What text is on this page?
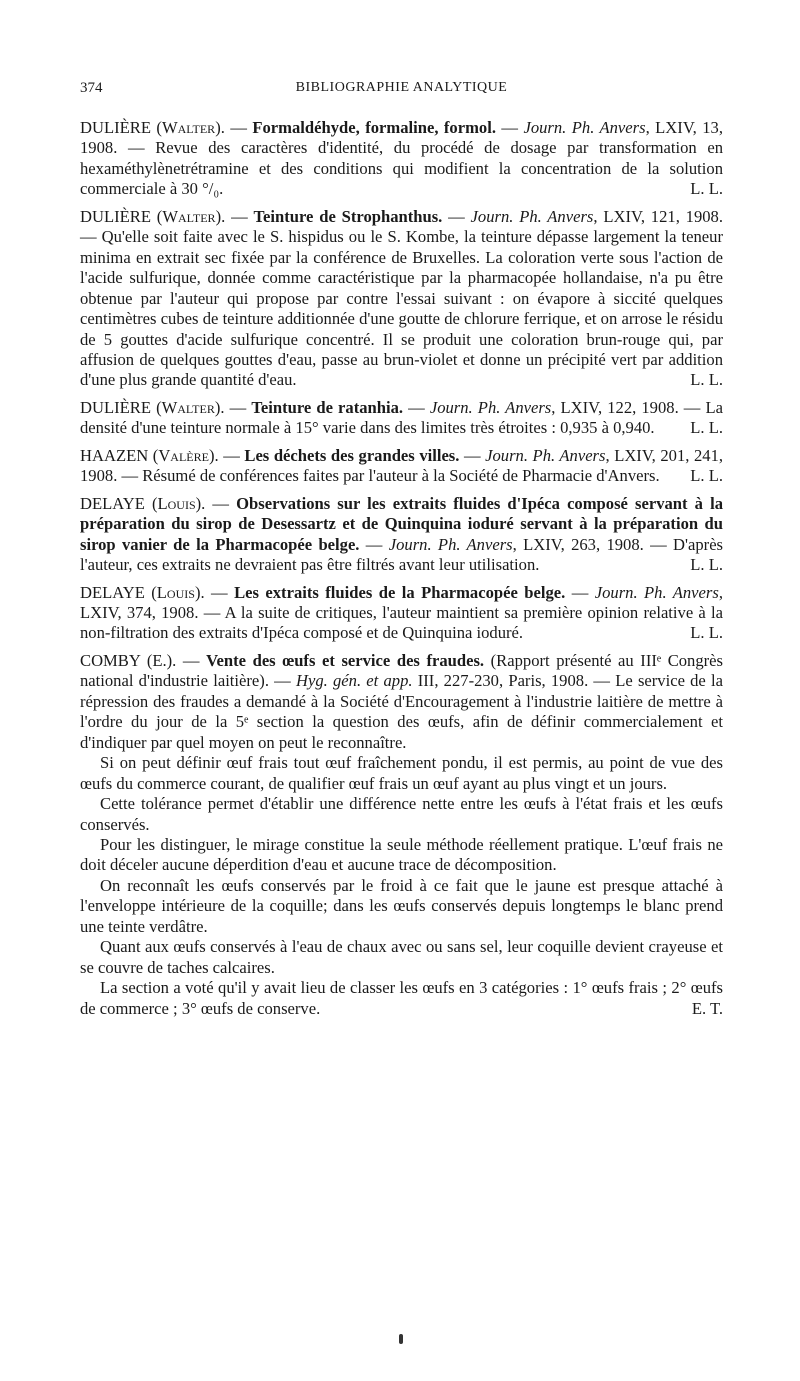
374	BIBLIOGRAPHIE ANALYTIQUE

DULIÈRE (Walter). — Formaldéhyde, formaline, formol. — Journ. Ph. Anvers, LXIV, 13, 1908. — Revue des caractères d'identité, du procédé de dosage par transformation en hexaméthylènetrétramine et des conditions qui modifient la concentration de la solution commerciale à 30 °/₀.	L. L.

DULIÈRE (Walter). — Teinture de Strophanthus. — Journ. Ph. Anvers, LXIV, 121, 1908. — Qu'elle soit faite avec le S. hispidus ou le S. Kombe, la teinture dépasse largement la teneur minima en extrait sec fixée par la conférence de Bruxelles. La coloration verte sous l'action de l'acide sulfurique, donnée comme caractéristique par la pharmacopée hollandaise, n'a pu être obtenue par l'auteur qui propose par contre l'essai suivant : on évapore à siccité quelques centimètres cubes de teinture additionnée d'une goutte de chlorure ferrique, et on arrose le résidu de 5 gouttes d'acide sulfurique concentré. Il se produit une coloration brun-rouge qui, par affusion de quelques gouttes d'eau, passe au brun-violet et donne un précipité vert par addition d'une plus grande quantité d'eau.	L. L.

DULIÈRE (Walter). — Teinture de ratanhia. — Journ. Ph. Anvers, LXIV, 122, 1908. — La densité d'une teinture normale à 15° varie dans des limites très étroites : 0,935 à 0,940. L. L.

HAAZEN (Valère). — Les déchets des grandes villes. — Journ. Ph. Anvers, LXIV, 201, 241, 1908. — Résumé de conférences faites par l'auteur à la Société de Pharmacie d'Anvers. L. L.

DELAYE (Louis). — Observations sur les extraits fluides d'Ipéca composé servant à la préparation du sirop de Desessartz et de Quinquina ioduré servant à la préparation du sirop vanier de la Pharmacopée belge. — Journ. Ph. Anvers, LXIV, 263, 1908. — D'après l'auteur, ces extraits ne devraient pas être filtrés avant leur utilisation.	L. L.

DELAYE (Louis). — Les extraits fluides de la Pharmacopée belge. — Journ. Ph. Anvers, LXIV, 374, 1908. — A la suite de critiques, l'auteur maintient sa première opinion relative à la non-filtration des extraits d'Ipéca composé et de Quinquina ioduré.	L. L.

COMBY (E.). — Vente des œufs et service des fraudes. (Rapport présenté au IIIᵉ Congrès national d'industrie laitière). — Hyg. gén. et app. III, 227-230, Paris, 1908. — Le service de la répression des fraudes a demandé à la Société d'Encouragement à l'industrie laitière de mettre à l'ordre du jour de la 5ᵉ section la question des œufs, afin de définir commercialement et d'indiquer par quel moyen on peut le reconnaître.

Si on peut définir œuf frais tout œuf fraîchement pondu, il est permis, au point de vue des œufs du commerce courant, de qualifier œuf frais un œuf ayant au plus vingt et un jours.

Cette tolérance permet d'établir une différence nette entre les œufs à l'état frais et les œufs conservés.

Pour les distinguer, le mirage constitue la seule méthode réellement pratique. L'œuf frais ne doit déceler aucune déperdition d'eau et aucune trace de décomposition.

On reconnaît les œufs conservés par le froid à ce fait que le jaune est presque attaché à l'enveloppe intérieure de la coquille; dans les œufs conservés depuis longtemps le blanc prend une teinte verdâtre.

Quant aux œufs conservés à l'eau de chaux avec ou sans sel, leur coquille devient crayeuse et se couvre de taches calcaires.

La section a voté qu'il y avait lieu de classer les œufs en 3 catégories : 1° œufs frais ; 2° œufs de commerce ; 3° œufs de conserve.	E. T.
